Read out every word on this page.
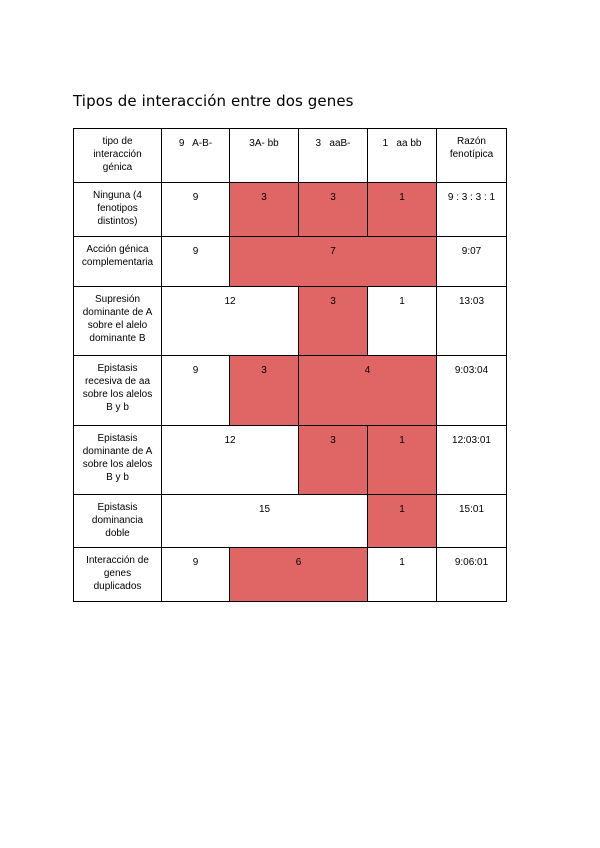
Tipos de interacción entre dos genes
tipo de interacción génica	9   A-B-	3A- bb	3   aaB-	1   aa bb	Razón fenotípica
Ninguna (4 fenotipos distintos)	9	3	3	1	9 : 3 : 3 : 1
Acción génica complementaria	9	7			9:07
Supresión dominante de A sobre el alelo dominante B	12		3	1	13:03
Epistasis recesiva de aa sobre los alelos B y b	9	3	4		9:03:04
Epistasis dominante de A sobre los alelos B y b	12		3	1	12:03:01
Epistasis dominancia doble	15			1	15:01
Interacción de genes duplicados	9	6		1	9:06:01
